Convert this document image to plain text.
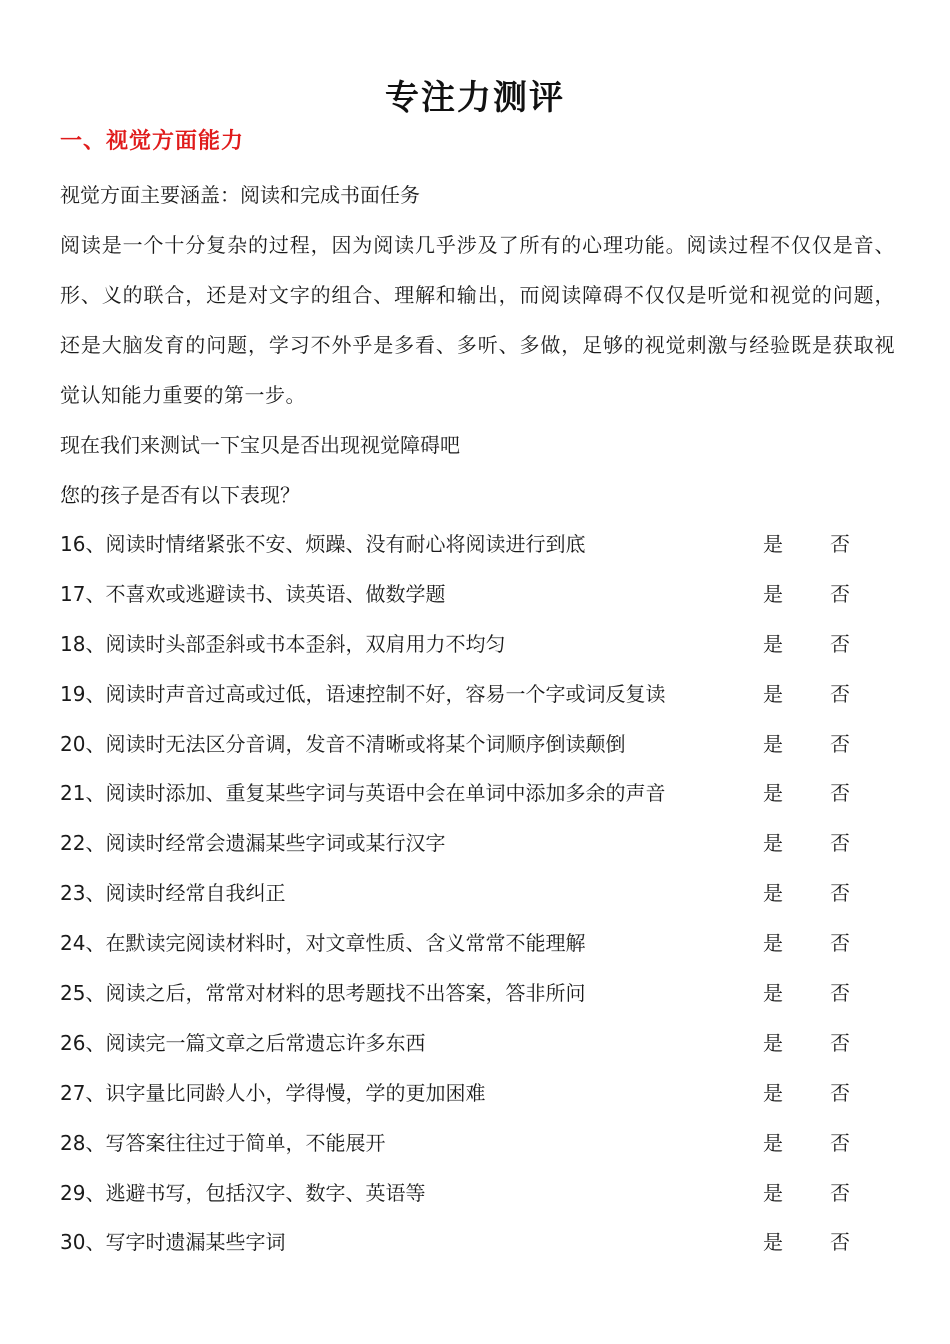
专注力测评
一、视觉方面能力
视觉方面主要涵盖：阅读和完成书面任务
阅读是一个十分复杂的过程，因为阅读几乎涉及了所有的心理功能。阅读过程不仅仅是音、形、义的联合，还是对文字的组合、理解和输出，而阅读障碍不仅仅是听觉和视觉的问题，还是大脑发育的问题，学习不外乎是多看、多听、多做，足够的视觉刺激与经验既是获取视觉认知能力重要的第一步。
现在我们来测试一下宝贝是否出现视觉障碍吧
您的孩子是否有以下表现？
16、阅读时情绪紧张不安、烦躁、没有耐心将阅读进行到底	是 否
17、不喜欢或逃避读书、读英语、做数学题	是 否
18、阅读时头部歪斜或书本歪斜，双肩用力不均匀	是 否
19、阅读时声音过高或过低，语速控制不好，容易一个字或词反复读	是 否
20、阅读时无法区分音调，发音不清晰或将某个词顺序倒读颠倒	是 否
21、阅读时添加、重复某些字词与英语中会在单词中添加多余的声音	是 否
22、阅读时经常会遗漏某些字词或某行汉字	是 否
23、阅读时经常自我纠正	是 否
24、在默读完阅读材料时，对文章性质、含义常常不能理解	是 否
25、阅读之后，常常对材料的思考题找不出答案，答非所问	是 否
26、阅读完一篇文章之后常遗忘许多东西	是 否
27、识字量比同龄人小，学得慢，学的更加困难	是 否
28、写答案往往过于简单，不能展开	是 否
29、逃避书写，包括汉字、数字、英语等	是 否
30、写字时遗漏某些字词	是 否
